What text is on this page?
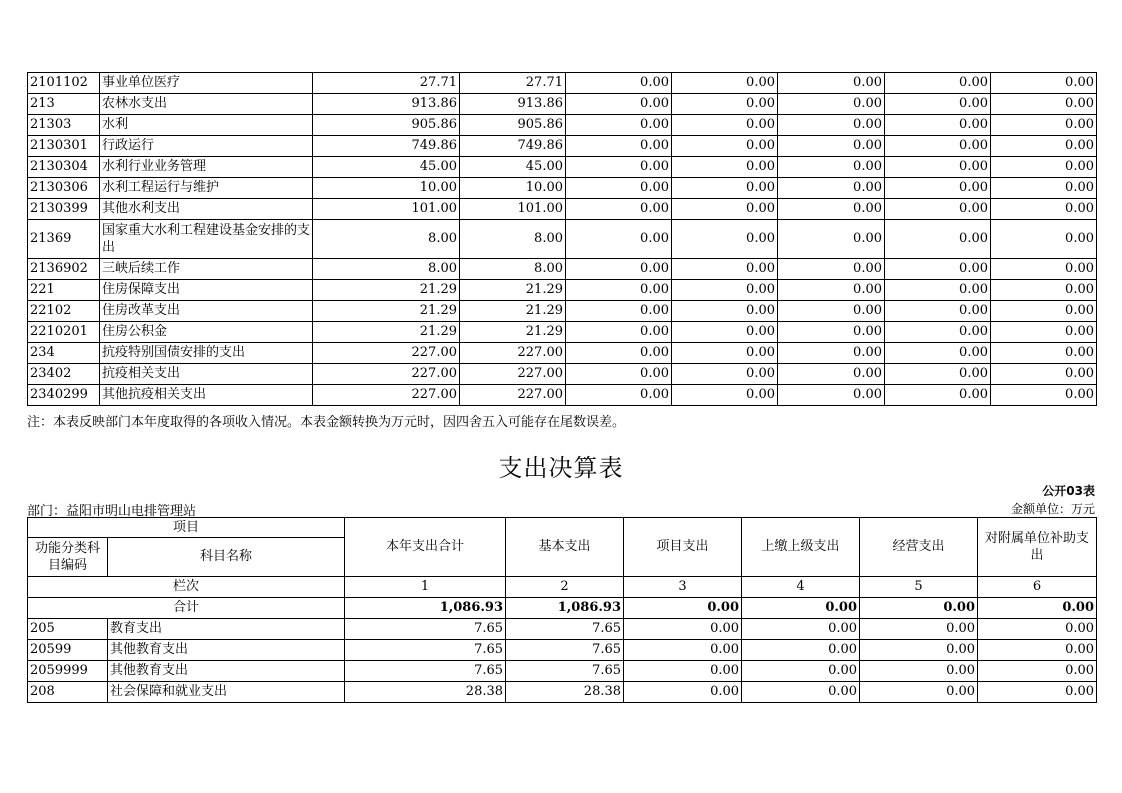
2101102	事业单位医疗	27.71	27.71	0.00	0.00	0.00	0.00	0.00
213	农林水支出	913.86	913.86	0.00	0.00	0.00	0.00	0.00
21303	水利	905.86	905.86	0.00	0.00	0.00	0.00	0.00
2130301	行政运行	749.86	749.86	0.00	0.00	0.00	0.00	0.00
2130304	水利行业业务管理	45.00	45.00	0.00	0.00	0.00	0.00	0.00
2130306	水利工程运行与维护	10.00	10.00	0.00	0.00	0.00	0.00	0.00
2130399	其他水利支出	101.00	101.00	0.00	0.00	0.00	0.00	0.00
21369	国家重大水利工程建设基金安排的支出	8.00	8.00	0.00	0.00	0.00	0.00	0.00
2136902	三峡后续工作	8.00	8.00	0.00	0.00	0.00	0.00	0.00
221	住房保障支出	21.29	21.29	0.00	0.00	0.00	0.00	0.00
22102	住房改革支出	21.29	21.29	0.00	0.00	0.00	0.00	0.00
2210201	住房公积金	21.29	21.29	0.00	0.00	0.00	0.00	0.00
234	抗疫特别国债安排的支出	227.00	227.00	0.00	0.00	0.00	0.00	0.00
23402	抗疫相关支出	227.00	227.00	0.00	0.00	0.00	0.00	0.00
2340299	其他抗疫相关支出	227.00	227.00	0.00	0.00	0.00	0.00	0.00
注：本表反映部门本年度取得的各项收入情况。本表金额转换为万元时，因四舍五入可能存在尾数误差。
支出决算表
公开03表
部门：益阳市明山电排管理站	金额单位：万元
项目		本年支出合计	基本支出	项目支出	上缴上级支出	经营支出	对附属单位补助支出
功能分类科目编码	科目名称						
栏次		1	2	3	4	5	6
合计		1,086.93	1,086.93	0.00	0.00	0.00	0.00
205	教育支出	7.65	7.65	0.00	0.00	0.00	0.00
20599	其他教育支出	7.65	7.65	0.00	0.00	0.00	0.00
2059999	其他教育支出	7.65	7.65	0.00	0.00	0.00	0.00
208	社会保障和就业支出	28.38	28.38	0.00	0.00	0.00	0.00
